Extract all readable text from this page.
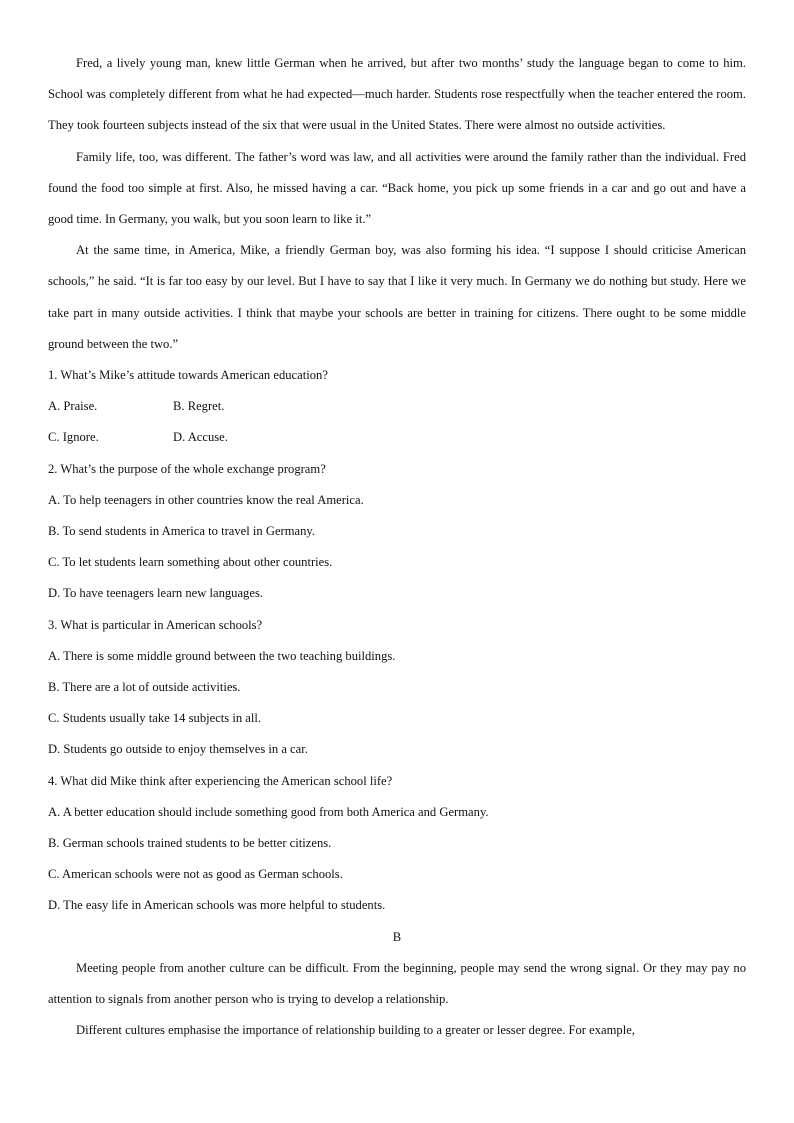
Fred, a lively young man, knew little German when he arrived, but after two months’ study the language began to come to him. School was completely different from what he had expected—much harder. Students rose respectfully when the teacher entered the room. They took fourteen subjects instead of the six that were usual in the United States. There were almost no outside activities.

Family life, too, was different. The father’s word was law, and all activities were around the family rather than the individual. Fred found the food too simple at first. Also, he missed having a car. “Back home, you pick up some friends in a car and go out and have a good time. In Germany, you walk, but you soon learn to like it.”

At the same time, in America, Mike, a friendly German boy, was also forming his idea. “I suppose I should criticise American schools,” he said. “It is far too easy by our level. But I have to say that I like it very much. In Germany we do nothing but study. Here we take part in many outside activities. I think that maybe your schools are better in training for citizens. There ought to be some middle ground between the two.”

1. What’s Mike’s attitude towards American education?

A. Praise.	B. Regret.
C. Ignore.	D. Accuse.

2. What’s the purpose of the whole exchange program?

A. To help teenagers in other countries know the real America.

B. To send students in America to travel in Germany.

C. To let students learn something about other countries.

D. To have teenagers learn new languages.

3. What is particular in American schools?

A. There is some middle ground between the two teaching buildings.

B. There are a lot of outside activities.

C. Students usually take 14 subjects in all.

D. Students go outside to enjoy themselves in a car.

4. What did Mike think after experiencing the American school life?

A. A better education should include something good from both America and Germany.

B. German schools trained students to be better citizens.

C. American schools were not as good as German schools.

D. The easy life in American schools was more helpful to students.

B

Meeting people from another culture can be difficult. From the beginning, people may send the wrong signal. Or they may pay no attention to signals from another person who is trying to develop a relationship.

Different cultures emphasise the importance of relationship building to a greater or lesser degree. For example,
